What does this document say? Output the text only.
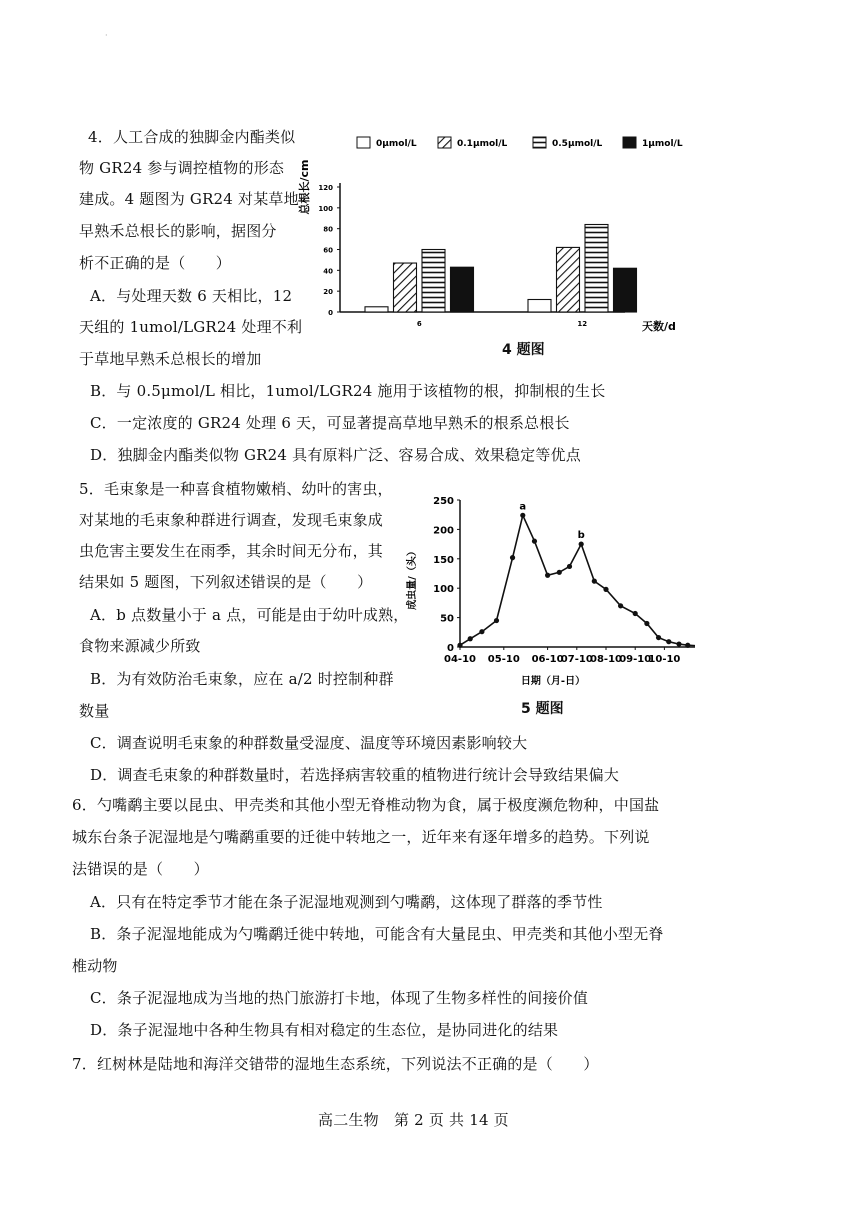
·
4．人工合成的独脚金内酯类似
物 GR24 参与调控植物的形态
建成。4 题图为 GR24 对某草地
早熟禾总根长的影响，据图分
析不正确的是（　　）
A．与处理天数 6 天相比，12
天组的 1umol/LGR24 处理不利
于草地早熟禾总根长的增加
B．与 0.5μmol/L 相比，1umol/LGR24 施用于该植物的根，抑制根的生长
C．一定浓度的 GR24 处理 6 天，可显著提高草地早熟禾的根系总根长
D．独脚金内酯类似物 GR24 具有原料广泛、容易合成、效果稳定等优点
0
20
40
60
80
100
120
总根长/cm
天数/d
6	12
0μmol/L	0.1μmol/L	0.5μmol/L	1μmol/L
4 题图
5．毛束象是一种喜食植物嫩梢、幼叶的害虫，
对某地的毛束象种群进行调查，发现毛束象成
虫危害主要发生在雨季，其余时间无分布，其
结果如 5 题图，下列叙述错误的是（　　）
A．b 点数量小于 a 点，可能是由于幼叶成熟，
食物来源减少所致
B．为有效防治毛束象，应在 a/2 时控制种群
数量
C．调查说明毛束象的种群数量受湿度、温度等环境因素影响较大
D．调查毛束象的种群数量时，若选择病害较重的植物进行统计会导致结果偏大
0
50
100
150
200
250
04-10 05-10 06-10
07-10
08-10
09-10
10-10
成虫量/（头）
日期（月-日）
a
b
5 题图
6．勺嘴鹬主要以昆虫、甲壳类和其他小型无脊椎动物为食，属于极度濒危物种，中国盐
城东台条子泥湿地是勺嘴鹬重要的迁徙中转地之一，近年来有逐年增多的趋势。下列说
法错误的是（　　）
A．只有在特定季节才能在条子泥湿地观测到勺嘴鹬，这体现了群落的季节性
B．条子泥湿地能成为勺嘴鹬迁徙中转地，可能含有大量昆虫、甲壳类和其他小型无脊
椎动物
C．条子泥湿地成为当地的热门旅游打卡地，体现了生物多样性的间接价值
D．条子泥湿地中各种生物具有相对稳定的生态位，是协同进化的结果
7．红树林是陆地和海洋交错带的湿地生态系统，下列说法不正确的是（　　）
高二生物　第 2 页 共 14 页
